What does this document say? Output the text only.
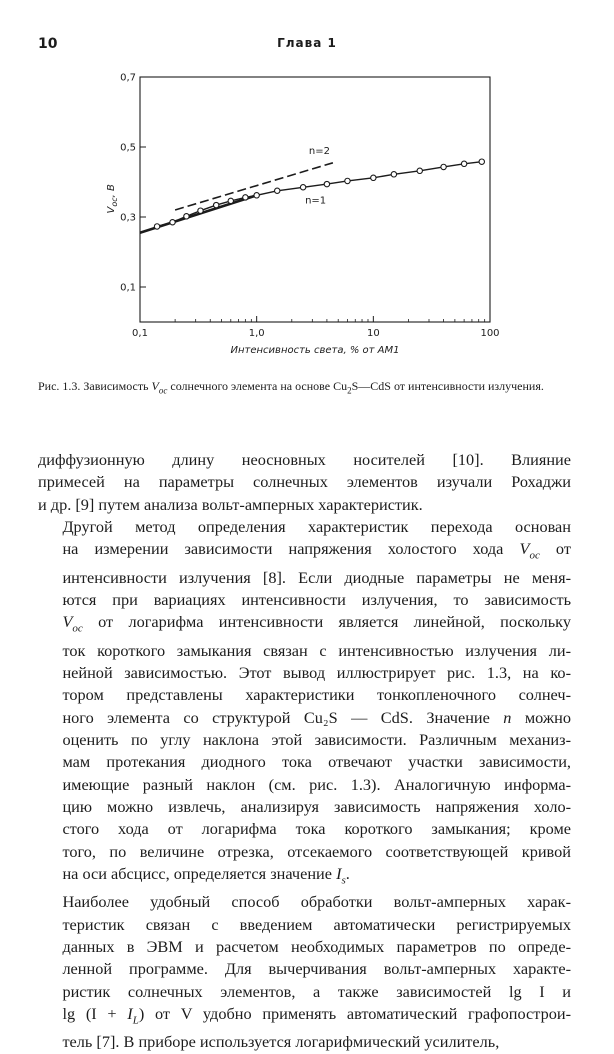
10	Глава 1
0,1
0,3
0,5
0,7
0,1	1,0	10	100
Интенсивность света, % от АМ1
$V_{oc}$, В
n=2
n=1
Рис. 1.3. Зависимость $V_{oc}$ солнечного элемента на основе $Cu_2S—CdS$ от интенсивности излучения.

диффузионную длину неосновных носителей [10]. Влияние
примесей на параметры солнечных элементов изучали Рохаджи
и др. [9] путем анализа вольт-амперных характеристик.

Другой метод определения характеристик перехода основан
на измерении зависимости напряжения холостого хода $V_{oc}$ от
интенсивности излучения [8]. Если диодные параметры не меня-
ются при вариациях интенсивности излучения, то зависимость
$V_{oc}$ от логарифма интенсивности является линейной, поскольку
ток короткого замыкания связан с интенсивностью излучения ли-
нейной зависимостью. Этот вывод иллюстрирует рис. 1.3, на ко-
тором представлены характеристики тонкопленочного солнеч-
ного элемента со структурой Cu₂S — CdS. Значение n можно
оценить по углу наклона этой зависимости. Различным механиз-
мам протекания диодного тока отвечают участки зависимости,
имеющие разный наклон (см. рис. 1.3). Аналогичную информа-
цию можно извлечь, анализируя зависимость напряжения холо-
стого хода от логарифма тока короткого замыкания; кроме
того, по величине отрезка, отсекаемого соответствующей кривой
на оси абсцисс, определяется значение $I_s$.

Наиболее удобный способ обработки вольт-амперных харак-
теристик связан с введением автоматически регистрируемых
данных в ЭВМ и расчетом необходимых параметров по опреде-
ленной программе. Для вычерчивания вольт-амперных характе-
ристик солнечных элементов, а также зависимостей lg I и
$\lg (I + I_L)$ от V удобно применять автоматический графопострои-
тель [7]. В приборе используется логарифмический усилитель,
